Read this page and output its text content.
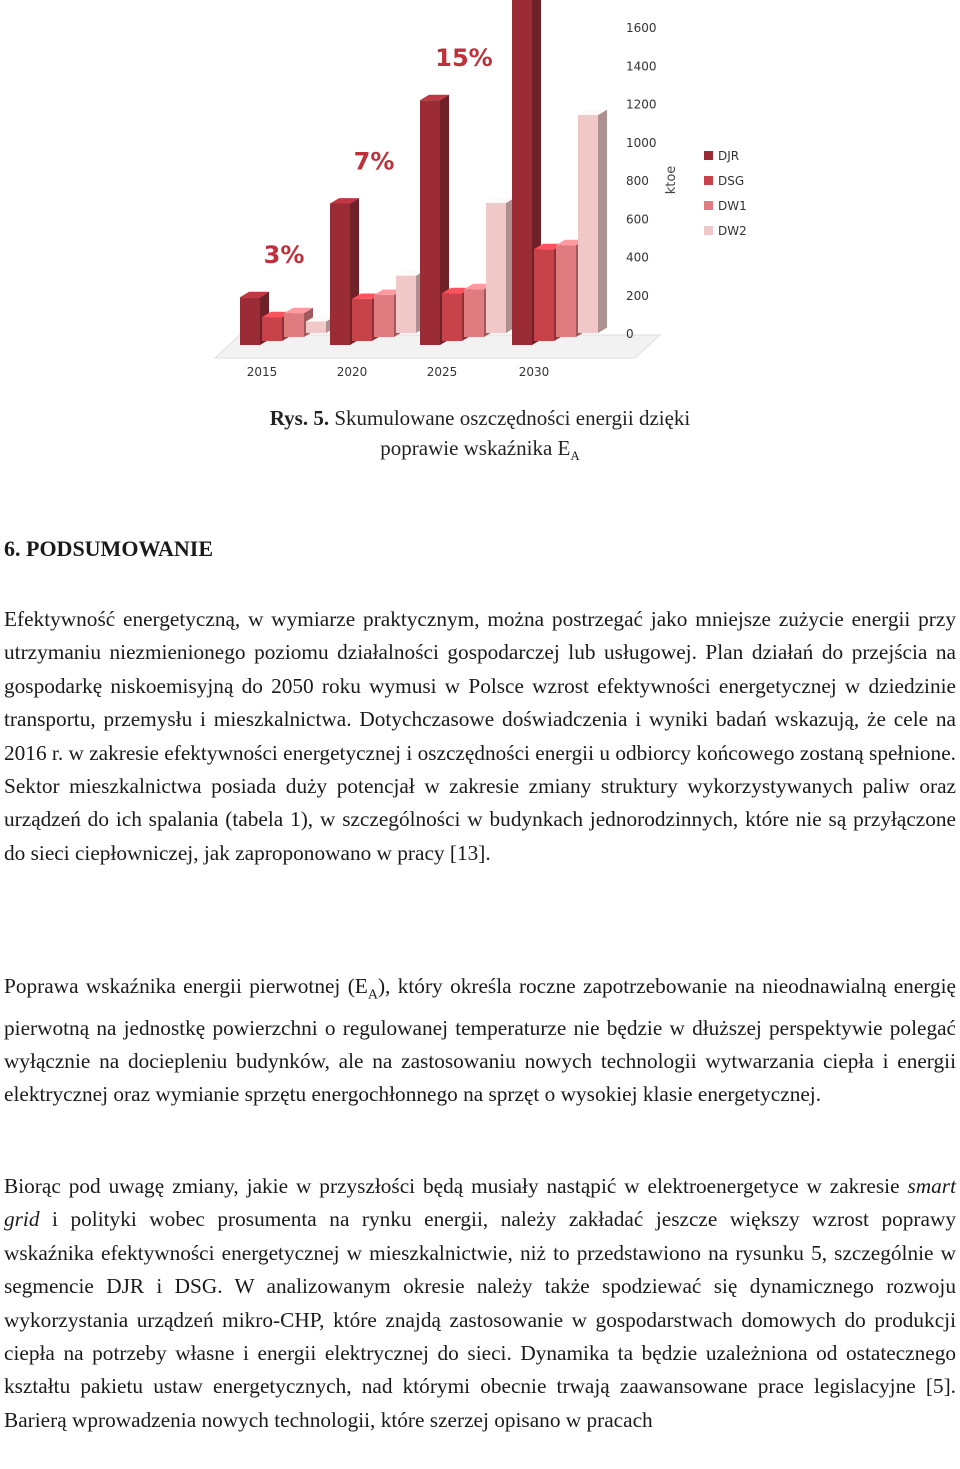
3%
7%
15%
2015	2020	2025	2030
0
200
400
600
800
1000
1200
1400
1600
ktoe
DJR
DSG
DW1
DW2
Rys. 5. Skumulowane oszczędności energii dzięki
poprawie wskaźnika $E_A$
6. PODSUMOWANIE

Efektywność energetyczną, w wymiarze praktycznym, można postrzegać jako mniejsze zużycie energii przy utrzymaniu niezmienionego poziomu działalności gospodarczej lub usługowej. Plan działań do przejścia na gospodarkę niskoemisyjną do 2050 roku wymusi w Polsce wzrost efektywności energetycznej w dziedzinie transportu, przemysłu i mieszkalnictwa. Dotychczasowe doświadczenia i wyniki badań wskazują, że cele na 2016 r. w zakresie efektywności energetycznej i oszczędności energii u odbiorcy końcowego zostaną spełnione. Sektor mieszkalnictwa posiada duży potencjał w zakresie zmiany struktury wykorzystywanych paliw oraz urządzeń do ich spalania (tabela 1), w szczególności w budynkach jednorodzinnych, które nie są przyłączone do sieci ciepłowniczej, jak zaproponowano w pracy [13].

Poprawa wskaźnika energii pierwotnej $(E_A)$, który określa roczne zapotrzebowanie na nieodnawialną energię pierwotną na jednostkę powierzchni o regulowanej temperaturze nie będzie w dłuższej perspektywie polegać wyłącznie na dociepleniu budynków, ale na zastosowaniu nowych technologii wytwarzania ciepła i energii elektrycznej oraz wymianie sprzętu energochłonnego na sprzęt o wysokiej klasie energetycznej.

Biorąc pod uwagę zmiany, jakie w przyszłości będą musiały nastąpić w elektroenergetyce w zakresie smart grid i polityki wobec prosumenta na rynku energii, należy zakładać jeszcze większy wzrost poprawy wskaźnika efektywności energetycznej w mieszkalnictwie, niż to przedstawiono na rysunku 5, szczególnie w segmencie DJR i DSG. W analizowanym okresie należy także spodziewać się dynamicznego rozwoju wykorzystania urządzeń mikro-CHP, które znajdą zastosowanie w gospodarstwach domowych do produkcji ciepła na potrzeby własne i energii elektrycznej do sieci. Dynamika ta będzie uzależniona od ostatecznego kształtu pakietu ustaw energetycznych, nad którymi obecnie trwają zaawansowane prace legislacyjne [5]. Barierą wprowadzenia nowych technologii, które szerzej opisano w pracach
